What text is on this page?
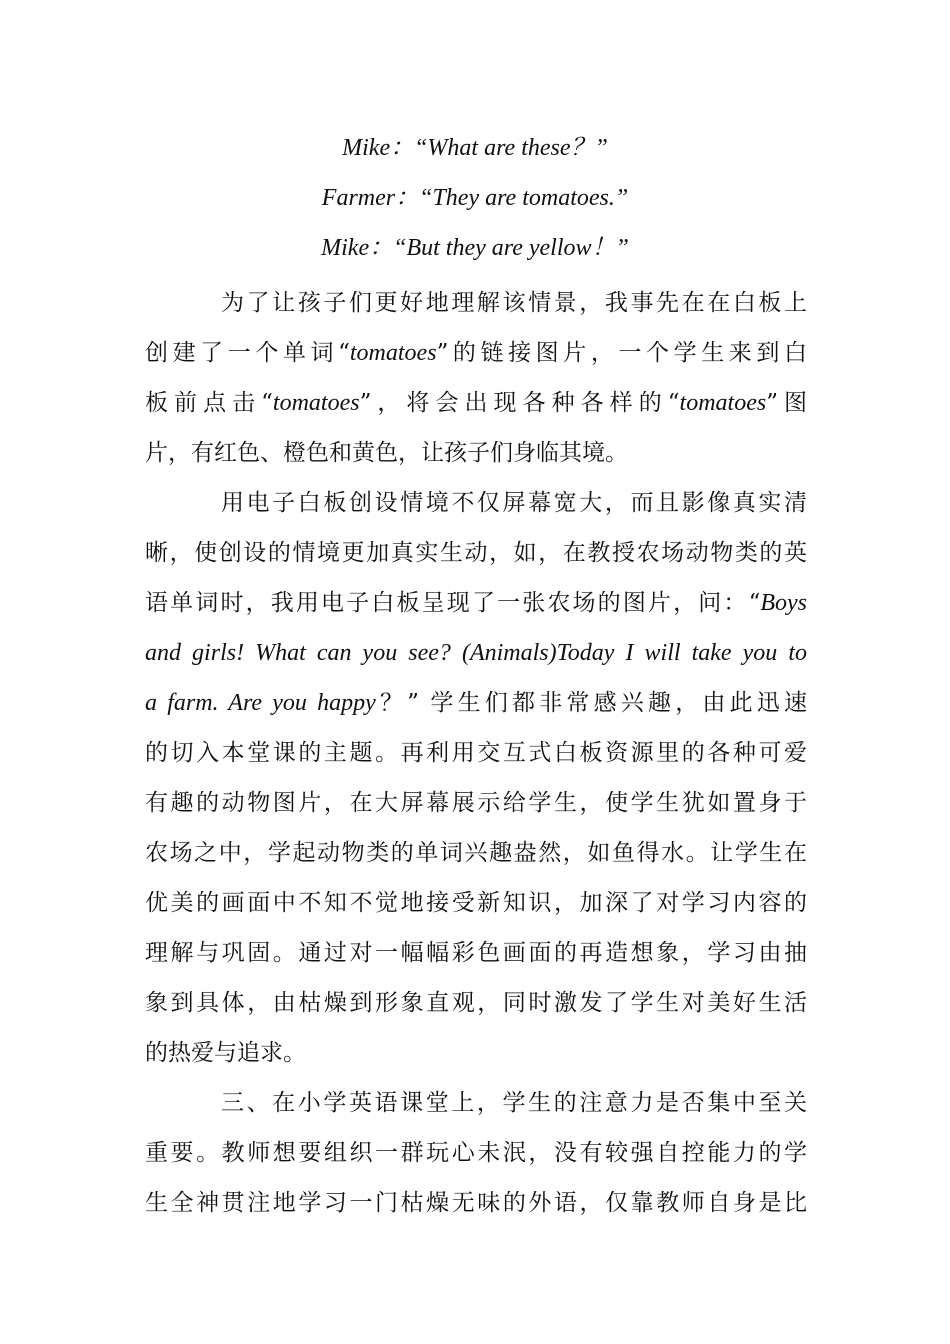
Mike：“What are these？”
Farmer：“They are tomatoes.”
Mike：“But they are yellow！”
为了让孩子们更好地理解该情景，我事先在在白板上
创建了一个单词“tomatoes”的链接图片，一个学生来到白
板前点击“tomatoes”，将会出现各种各样的“tomatoes”图
片，有红色、橙色和黄色，让孩子们身临其境。
用电子白板创设情境不仅屏幕宽大，而且影像真实清
晰，使创设的情境更加真实生动，如，在教授农场动物类的英
语单词时，我用电子白板呈现了一张农场的图片，问：“Boys
and girls! What can you see? (Animals)Today I will take you to
a farm. Are you happy？” 学生们都非常感兴趣，由此迅速
的切入本堂课的主题。再利用交互式白板资源里的各种可爱
有趣的动物图片，在大屏幕展示给学生，使学生犹如置身于
农场之中，学起动物类的单词兴趣盎然，如鱼得水。让学生在
优美的画面中不知不觉地接受新知识，加深了对学习内容的
理解与巩固。通过对一幅幅彩色画面的再造想象，学习由抽
象到具体，由枯燥到形象直观，同时激发了学生对美好生活
的热爱与追求。
三、在小学英语课堂上，学生的注意力是否集中至关
重要。教师想要组织一群玩心未泯，没有较强自控能力的学
生全神贯注地学习一门枯燥无味的外语，仅靠教师自身是比
